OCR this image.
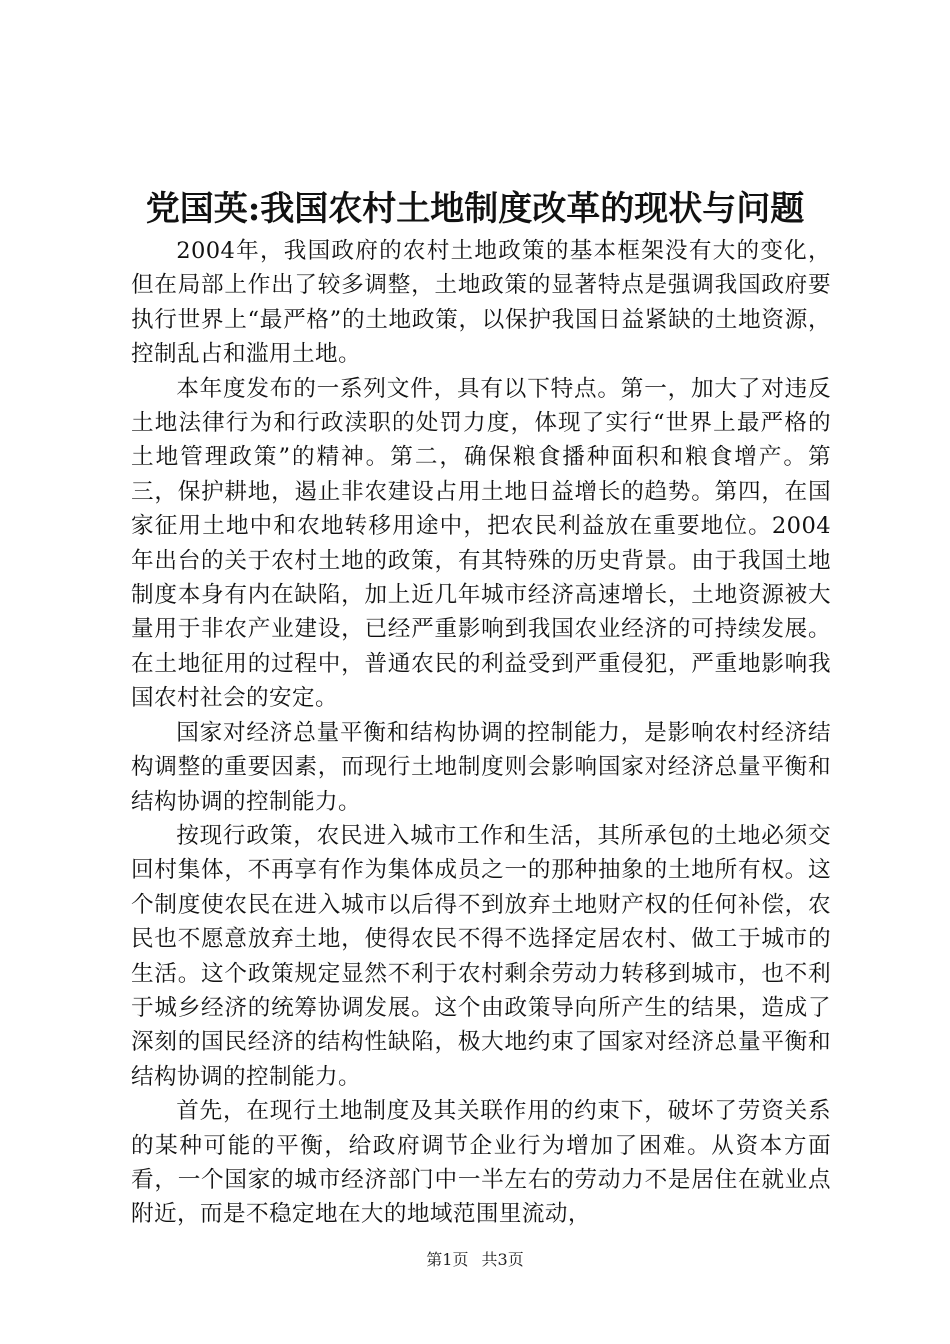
党国英:我国农村土地制度改革的现状与问题

2004年，我国政府的农村土地政策的基本框架没有大的变化，但在局部上作出了较多调整，土地政策的显著特点是强调我国政府要执行世界上“最严格”的土地政策，以保护我国日益紧缺的土地资源，控制乱占和滥用土地。

本年度发布的一系列文件，具有以下特点。第一，加大了对违反土地法律行为和行政渎职的处罚力度，体现了实行“世界上最严格的土地管理政策”的精神。第二，确保粮食播种面积和粮食增产。第三，保护耕地，遏止非农建设占用土地日益增长的趋势。第四，在国家征用土地中和农地转移用途中，把农民利益放在重要地位。2004年出台的关于农村土地的政策，有其特殊的历史背景。由于我国土地制度本身有内在缺陷，加上近几年城市经济高速增长，土地资源被大量用于非农产业建设，已经严重影响到我国农业经济的可持续发展。在土地征用的过程中，普通农民的利益受到严重侵犯，严重地影响我国农村社会的安定。

国家对经济总量平衡和结构协调的控制能力，是影响农村经济结构调整的重要因素，而现行土地制度则会影响国家对经济总量平衡和结构协调的控制能力。

按现行政策，农民进入城市工作和生活，其所承包的土地必须交回村集体，不再享有作为集体成员之一的那种抽象的土地所有权。这个制度使农民在进入城市以后得不到放弃土地财产权的任何补偿，农民也不愿意放弃土地，使得农民不得不选择定居农村、做工于城市的生活。这个政策规定显然不利于农村剩余劳动力转移到城市，也不利于城乡经济的统筹协调发展。这个由政策导向所产生的结果，造成了深刻的国民经济的结构性缺陷，极大地约束了国家对经济总量平衡和结构协调的控制能力。

首先，在现行土地制度及其关联作用的约束下，破坏了劳资关系的某种可能的平衡，给政府调节企业行为增加了困难。从资本方面看，一个国家的城市经济部门中一半左右的劳动力不是居住在就业点附近，而是不稳定地在大的地域范围里流动，

第1页 共3页
